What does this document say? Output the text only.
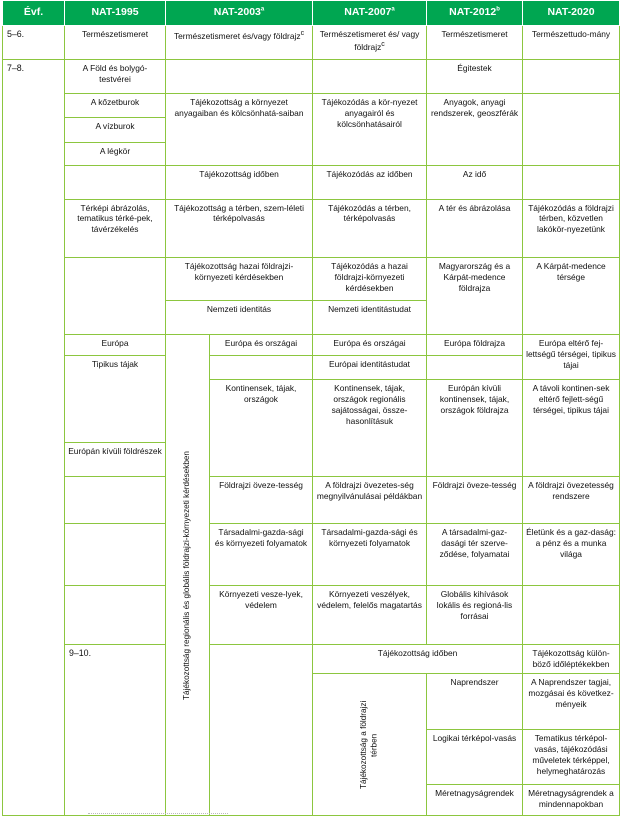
Évf.	NAT-1995	NAT-2003$^a$		NAT-2007$^a$	NAT-2012$^b$	NAT-2020	
5–6.	Természetismeret	Természetismeret és/vagy földrajz$^c$		Természetismeret és/ vagy földrajz$^c$	Természetismeret	Természettudo-mány	
7–8.	A Föld és bolygó-testvérei				Égitestek		
	A kőzetburok	Tájékozottság a környezet anyagaiban és kölcsönhatá-saiban		Tájékozódás a kör-nyezet anyagairól és kölcsönhatásairól	Anyagok, anyagi rendszerek, geoszférák		
	A vízburok						
	A légkör						
		Tájékozottság időben		Tájékozódás az időben	Az idő		
	Térképi ábrázolás, tematikus térké-pek, távérzékelés	Tájékozottság a térben, szem-léleti térképolvasás		Tájékozódás a térben, térképolvasás	A tér és ábrázolása	Tájékozódás a földrajzi térben, közvetlen lakókör-nyezetünk	
		Tájékozottság hazai földrajzi-környezeti kérdésekben		Tájékozódás a hazai földrajzi-környezeti kérdésekben	Magyarország és a Kárpát-medence földrajza	A Kárpát-medence térsége	
		Nemzeti identitás		Nemzeti identitástudat			
	Európa	Tájékozottság regionális és globális földrajzi-környezeti kérdésekben	Európa és országai	Európa és országai	Európa földrajza	Európa eltérő fej-lettségű térségei, tipikus tájai	
	Tipikus tájak			Európai identitástudat			
			Kontinensek, tájak, országok	Kontinensek, tájak, országok regionális sajátosságai, össze-hasonlításuk	Európán kívüli kontinensek, tájak, országok földrajza	A távoli kontinen-sek eltérő fejlett-ségű térségei, tipikus tájai	
	Európán kívüli földrészek						
			Földrajzi öveze-tesség	A földrajzi övezetes-ség megnyilvánulásai példákban	Földrajzi öveze-tesség	A földrajzi övezetesség rendszere	
			Társadalmi-gazda-sági és környezeti folyamatok	Társadalmi-gazda-sági és környezeti folyamatok	A társadalmi-gaz-dasági tér szerve-ződése, folyamatai	Életünk és a gaz-daság: a pénz és a munka világa	
			Környezeti vesze-lyek, védelem	Környezeti veszélyek, védelem, felelős magatartás	Globális kihívások lokális és regioná-lis forrásai		
	9–10.			Tájékozottság időben		Tájékozottság külön-böző időléptékekben		

				Tájékozottság a földrajzi térben	Naprendszer	A Naprendszer tagjai, mozgásai és következ-ményeik	
					Logikai térképol-vasás	Tematikus térképol-vasás, tájékozódási műveletek térképpel, helymeghatározás		
					Méretnagyságrendek	Méretnagyságrendek a mindennapokban	
